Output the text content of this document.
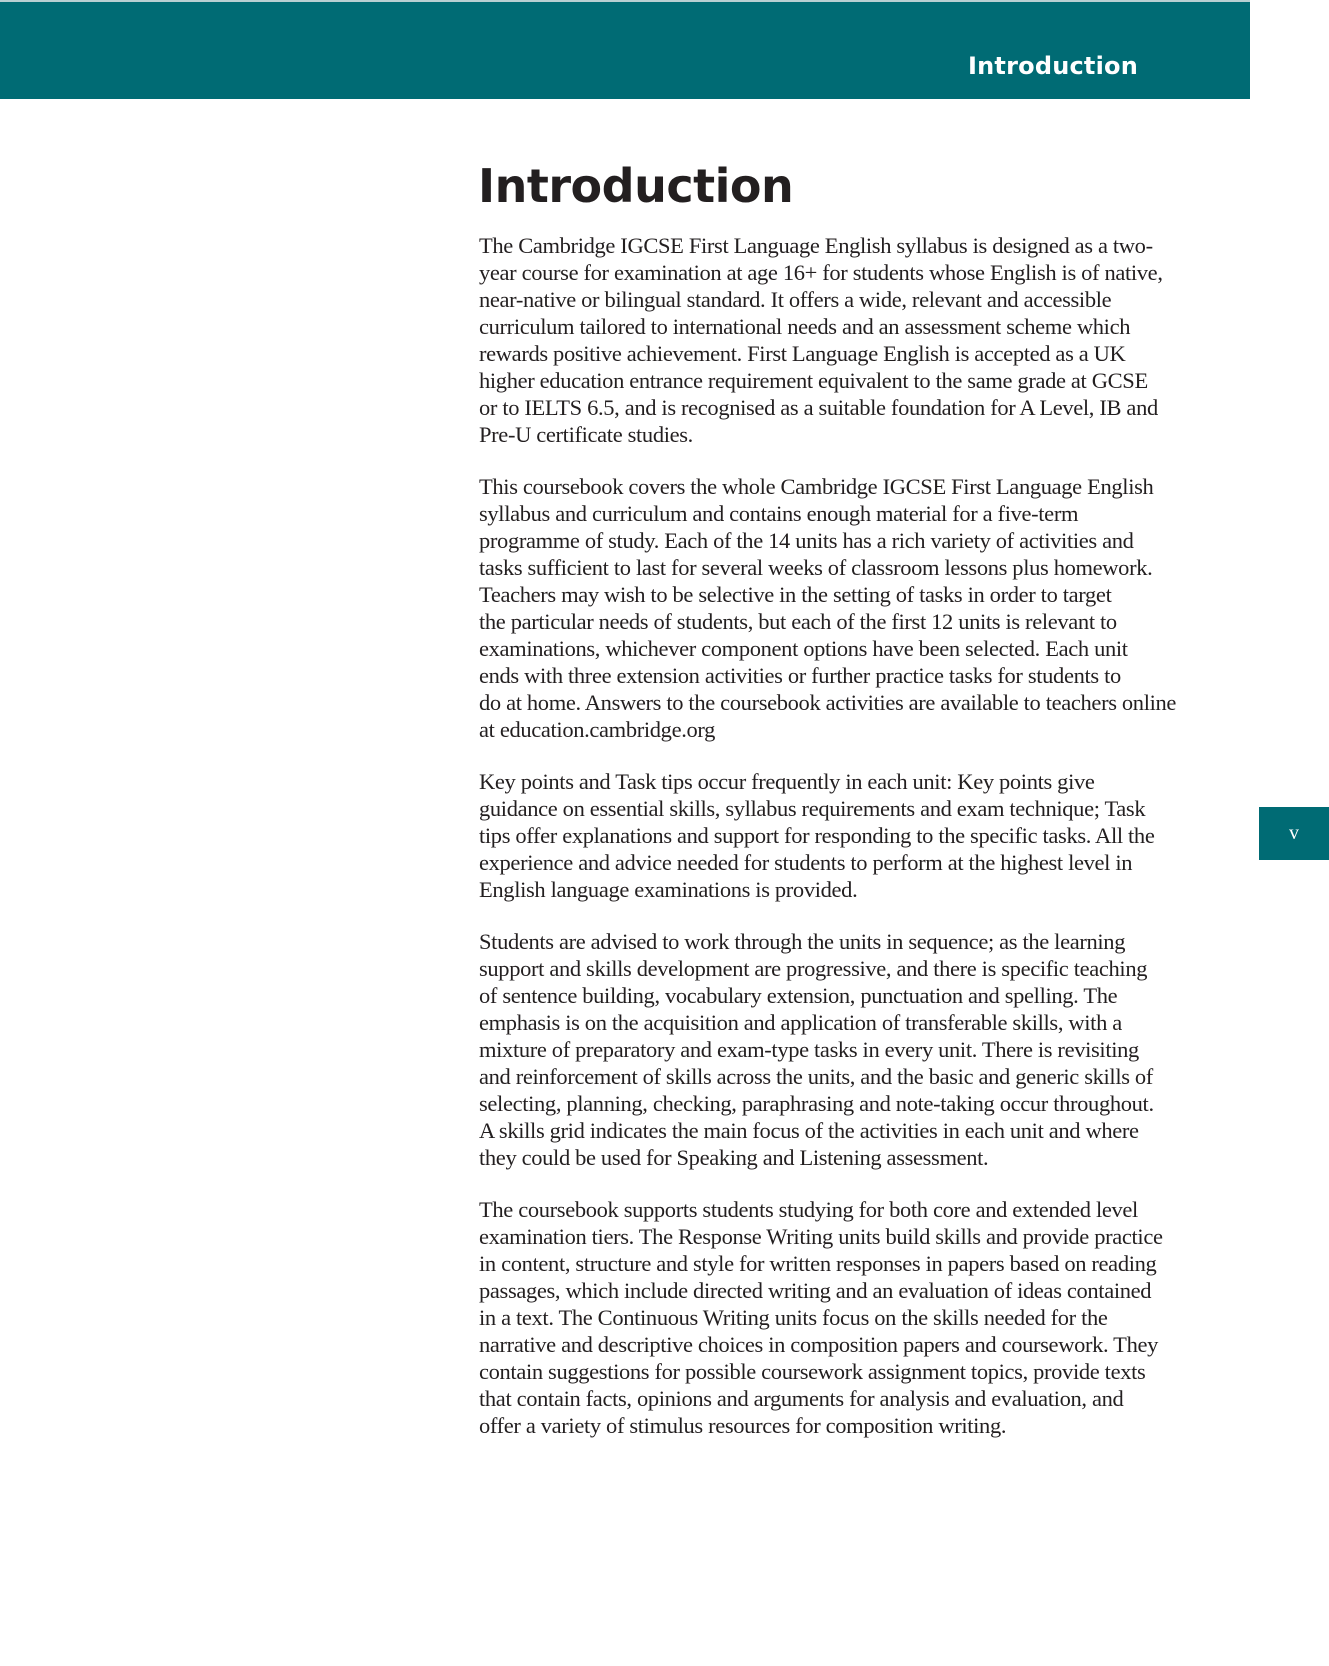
Introduction
Introduction

The Cambridge IGCSE First Language English syllabus is designed as a two-
year course for examination at age 16+ for students whose English is of native,
near-native or bilingual standard. It offers a wide, relevant and accessible
curriculum tailored to international needs and an assessment scheme which
rewards positive achievement. First Language English is accepted as a UK
higher education entrance requirement equivalent to the same grade at GCSE
or to IELTS 6.5, and is recognised as a suitable foundation for A Level, IB and
Pre-U certificate studies.

This coursebook covers the whole Cambridge IGCSE First Language English
syllabus and curriculum and contains enough material for a five-term
programme of study. Each of the 14 units has a rich variety of activities and
tasks sufficient to last for several weeks of classroom lessons plus homework.
Teachers may wish to be selective in the setting of tasks in order to target
the particular needs of students, but each of the first 12 units is relevant to
examinations, whichever component options have been selected. Each unit
ends with three extension activities or further practice tasks for students to
do at home. Answers to the coursebook activities are available to teachers online
at education.cambridge.org

Key points and Task tips occur frequently in each unit: Key points give
guidance on essential skills, syllabus requirements and exam technique; Task
tips offer explanations and support for responding to the specific tasks. All the
experience and advice needed for students to perform at the highest level in
English language examinations is provided.

Students are advised to work through the units in sequence; as the learning
support and skills development are progressive, and there is specific teaching
of sentence building, vocabulary extension, punctuation and spelling. The
emphasis is on the acquisition and application of transferable skills, with a
mixture of preparatory and exam-type tasks in every unit. There is revisiting
and reinforcement of skills across the units, and the basic and generic skills of
selecting, planning, checking, paraphrasing and note-taking occur throughout.
A skills grid indicates the main focus of the activities in each unit and where
they could be used for Speaking and Listening assessment.

The coursebook supports students studying for both core and extended level
examination tiers. The Response Writing units build skills and provide practice
in content, structure and style for written responses in papers based on reading
passages, which include directed writing and an evaluation of ideas contained
in a text. The Continuous Writing units focus on the skills needed for the
narrative and descriptive choices in composition papers and coursework. They
contain suggestions for possible coursework assignment topics, provide texts
that contain facts, opinions and arguments for analysis and evaluation, and
offer a variety of stimulus resources for composition writing.

v
